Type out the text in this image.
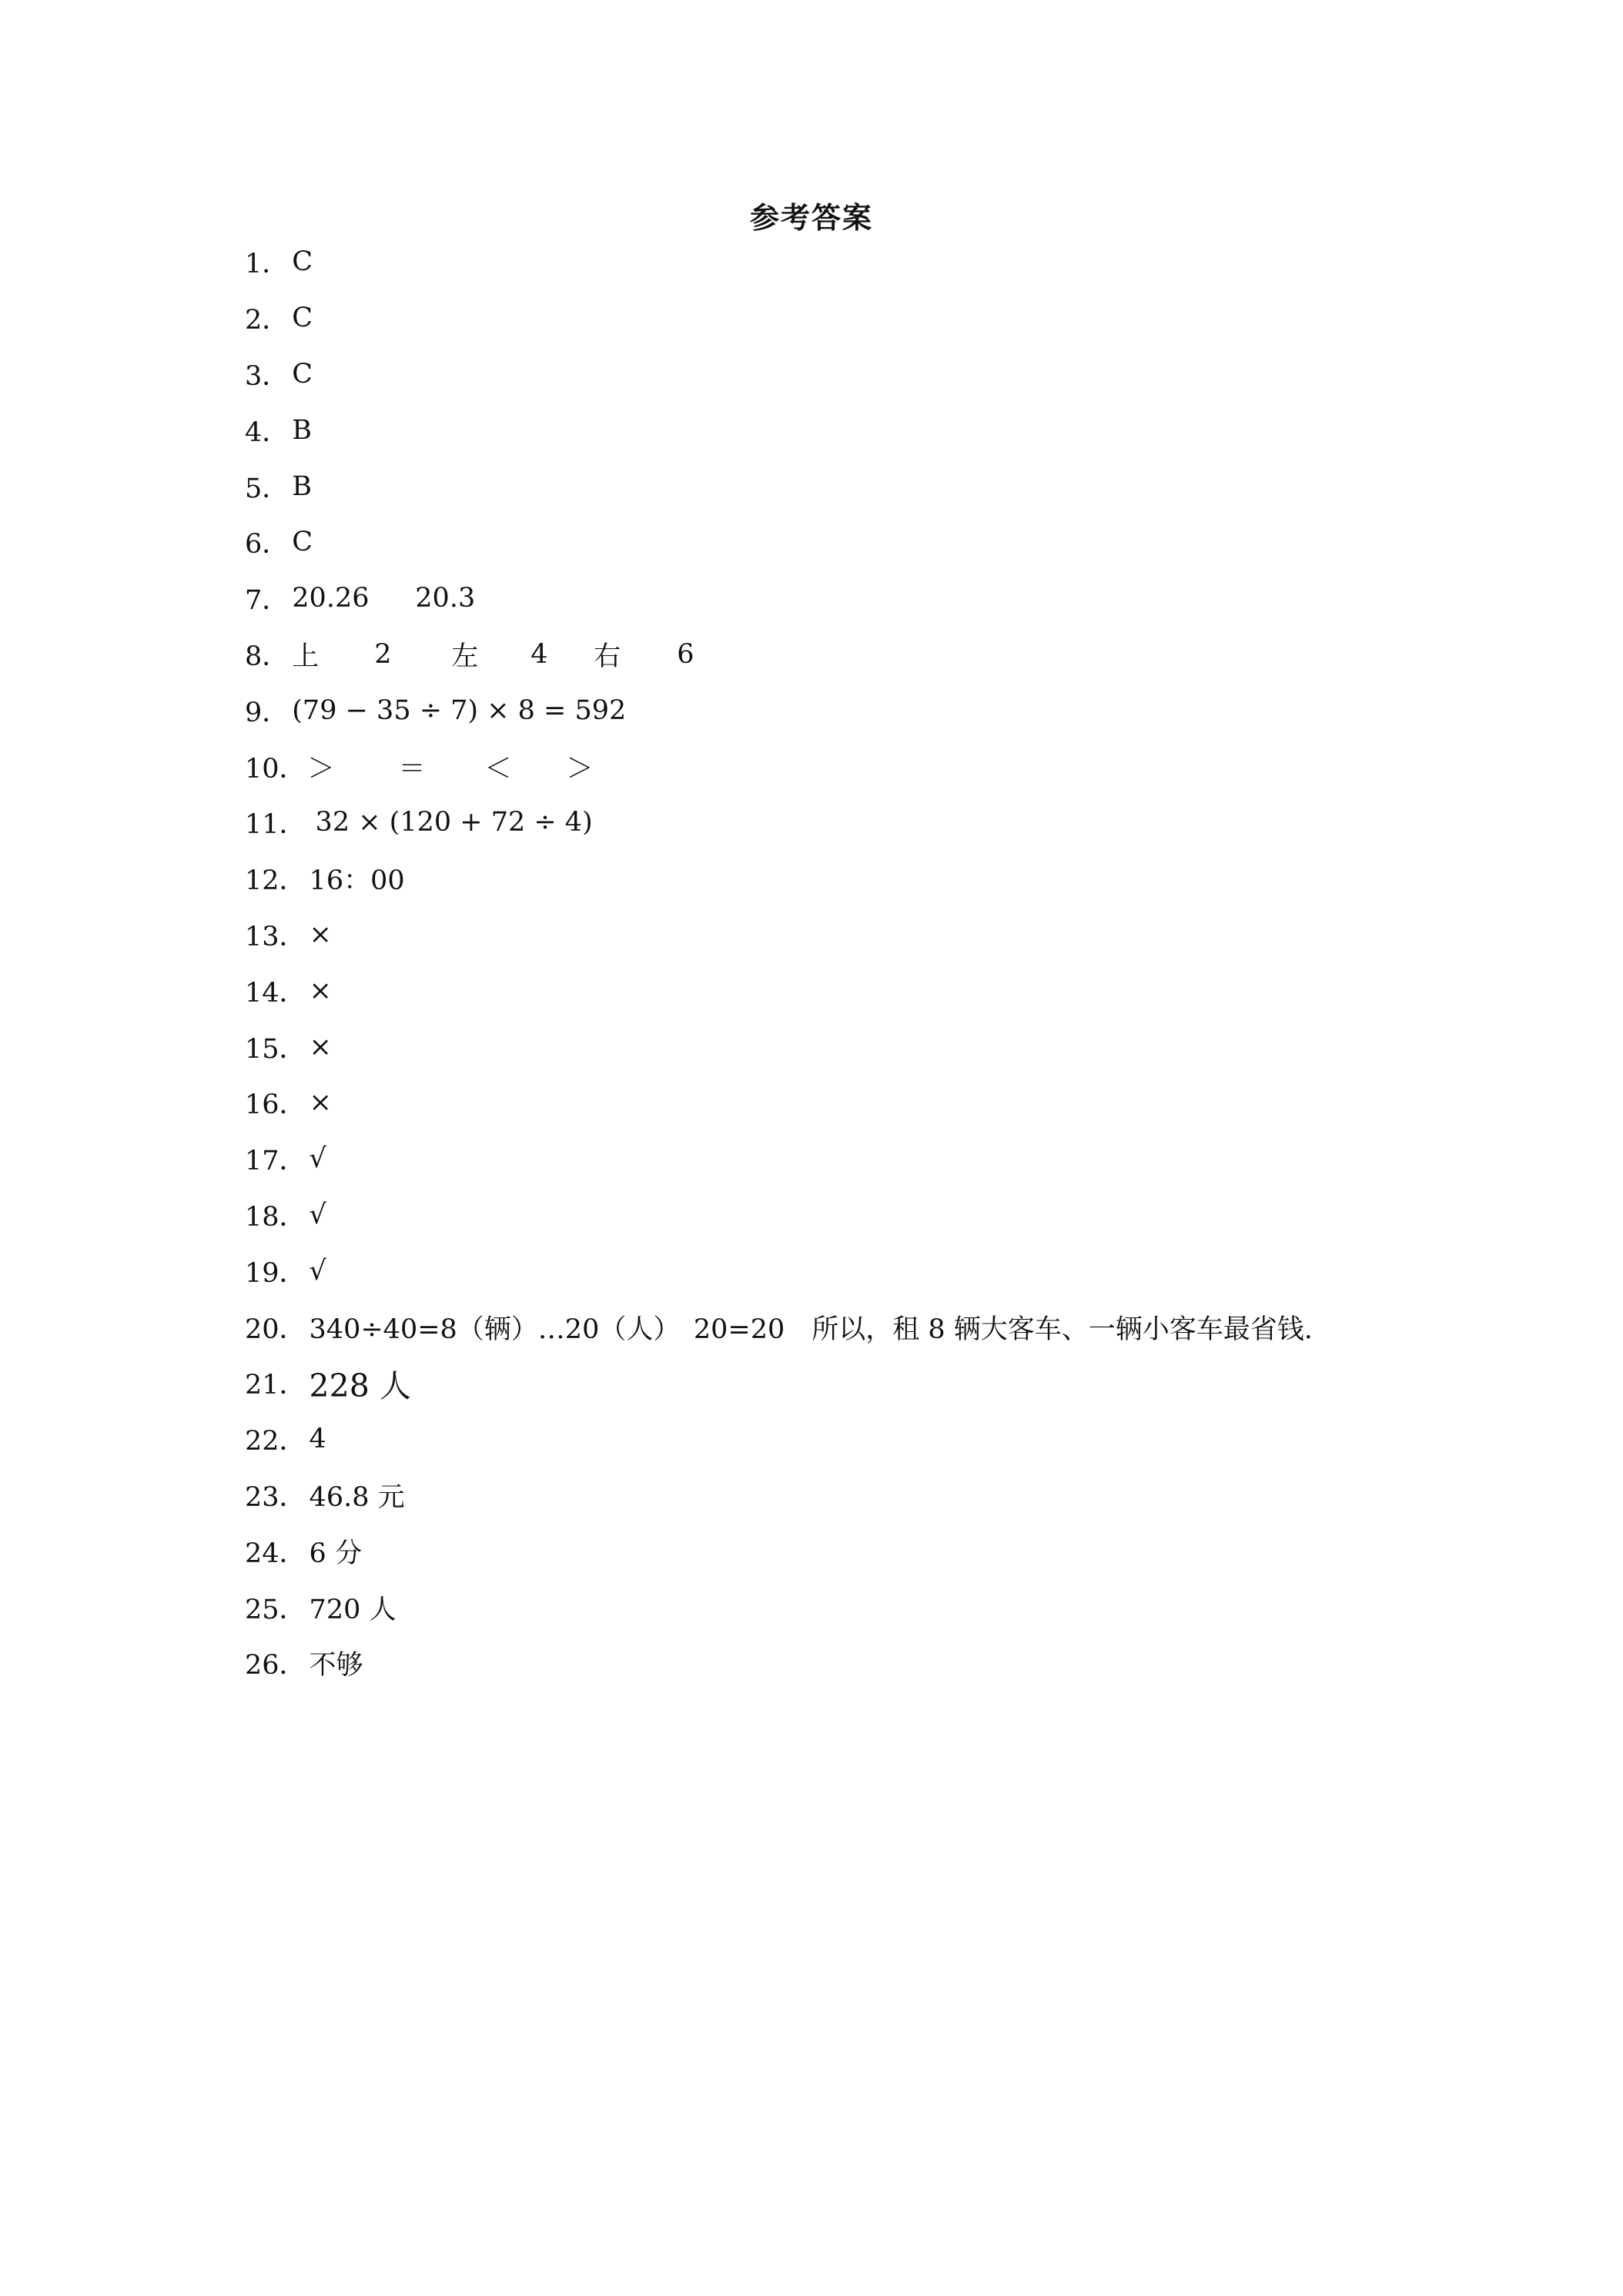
参考答案
1． C
2． C
3． C
4． B
5． B
6． C
7． 20.26	20.3
8． 上	2	左	4	右	6
9． (79 − 35 ÷ 7) × 8 = 592
10． ＞	＝	＜	＞
11． 32 × (120 + 72 ÷ 4)
12． 16：00
13． ×
14． ×
15． ×
16． ×
17． √
18． √
19． √
20． 340÷40=8（辆）…20（人）　20=20　所以，租 8 辆大客车、一辆小客车最省钱.
21． 228 人
22． 4
23． 46.8 元
24． 6 分
25． 720 人
26． 不够
